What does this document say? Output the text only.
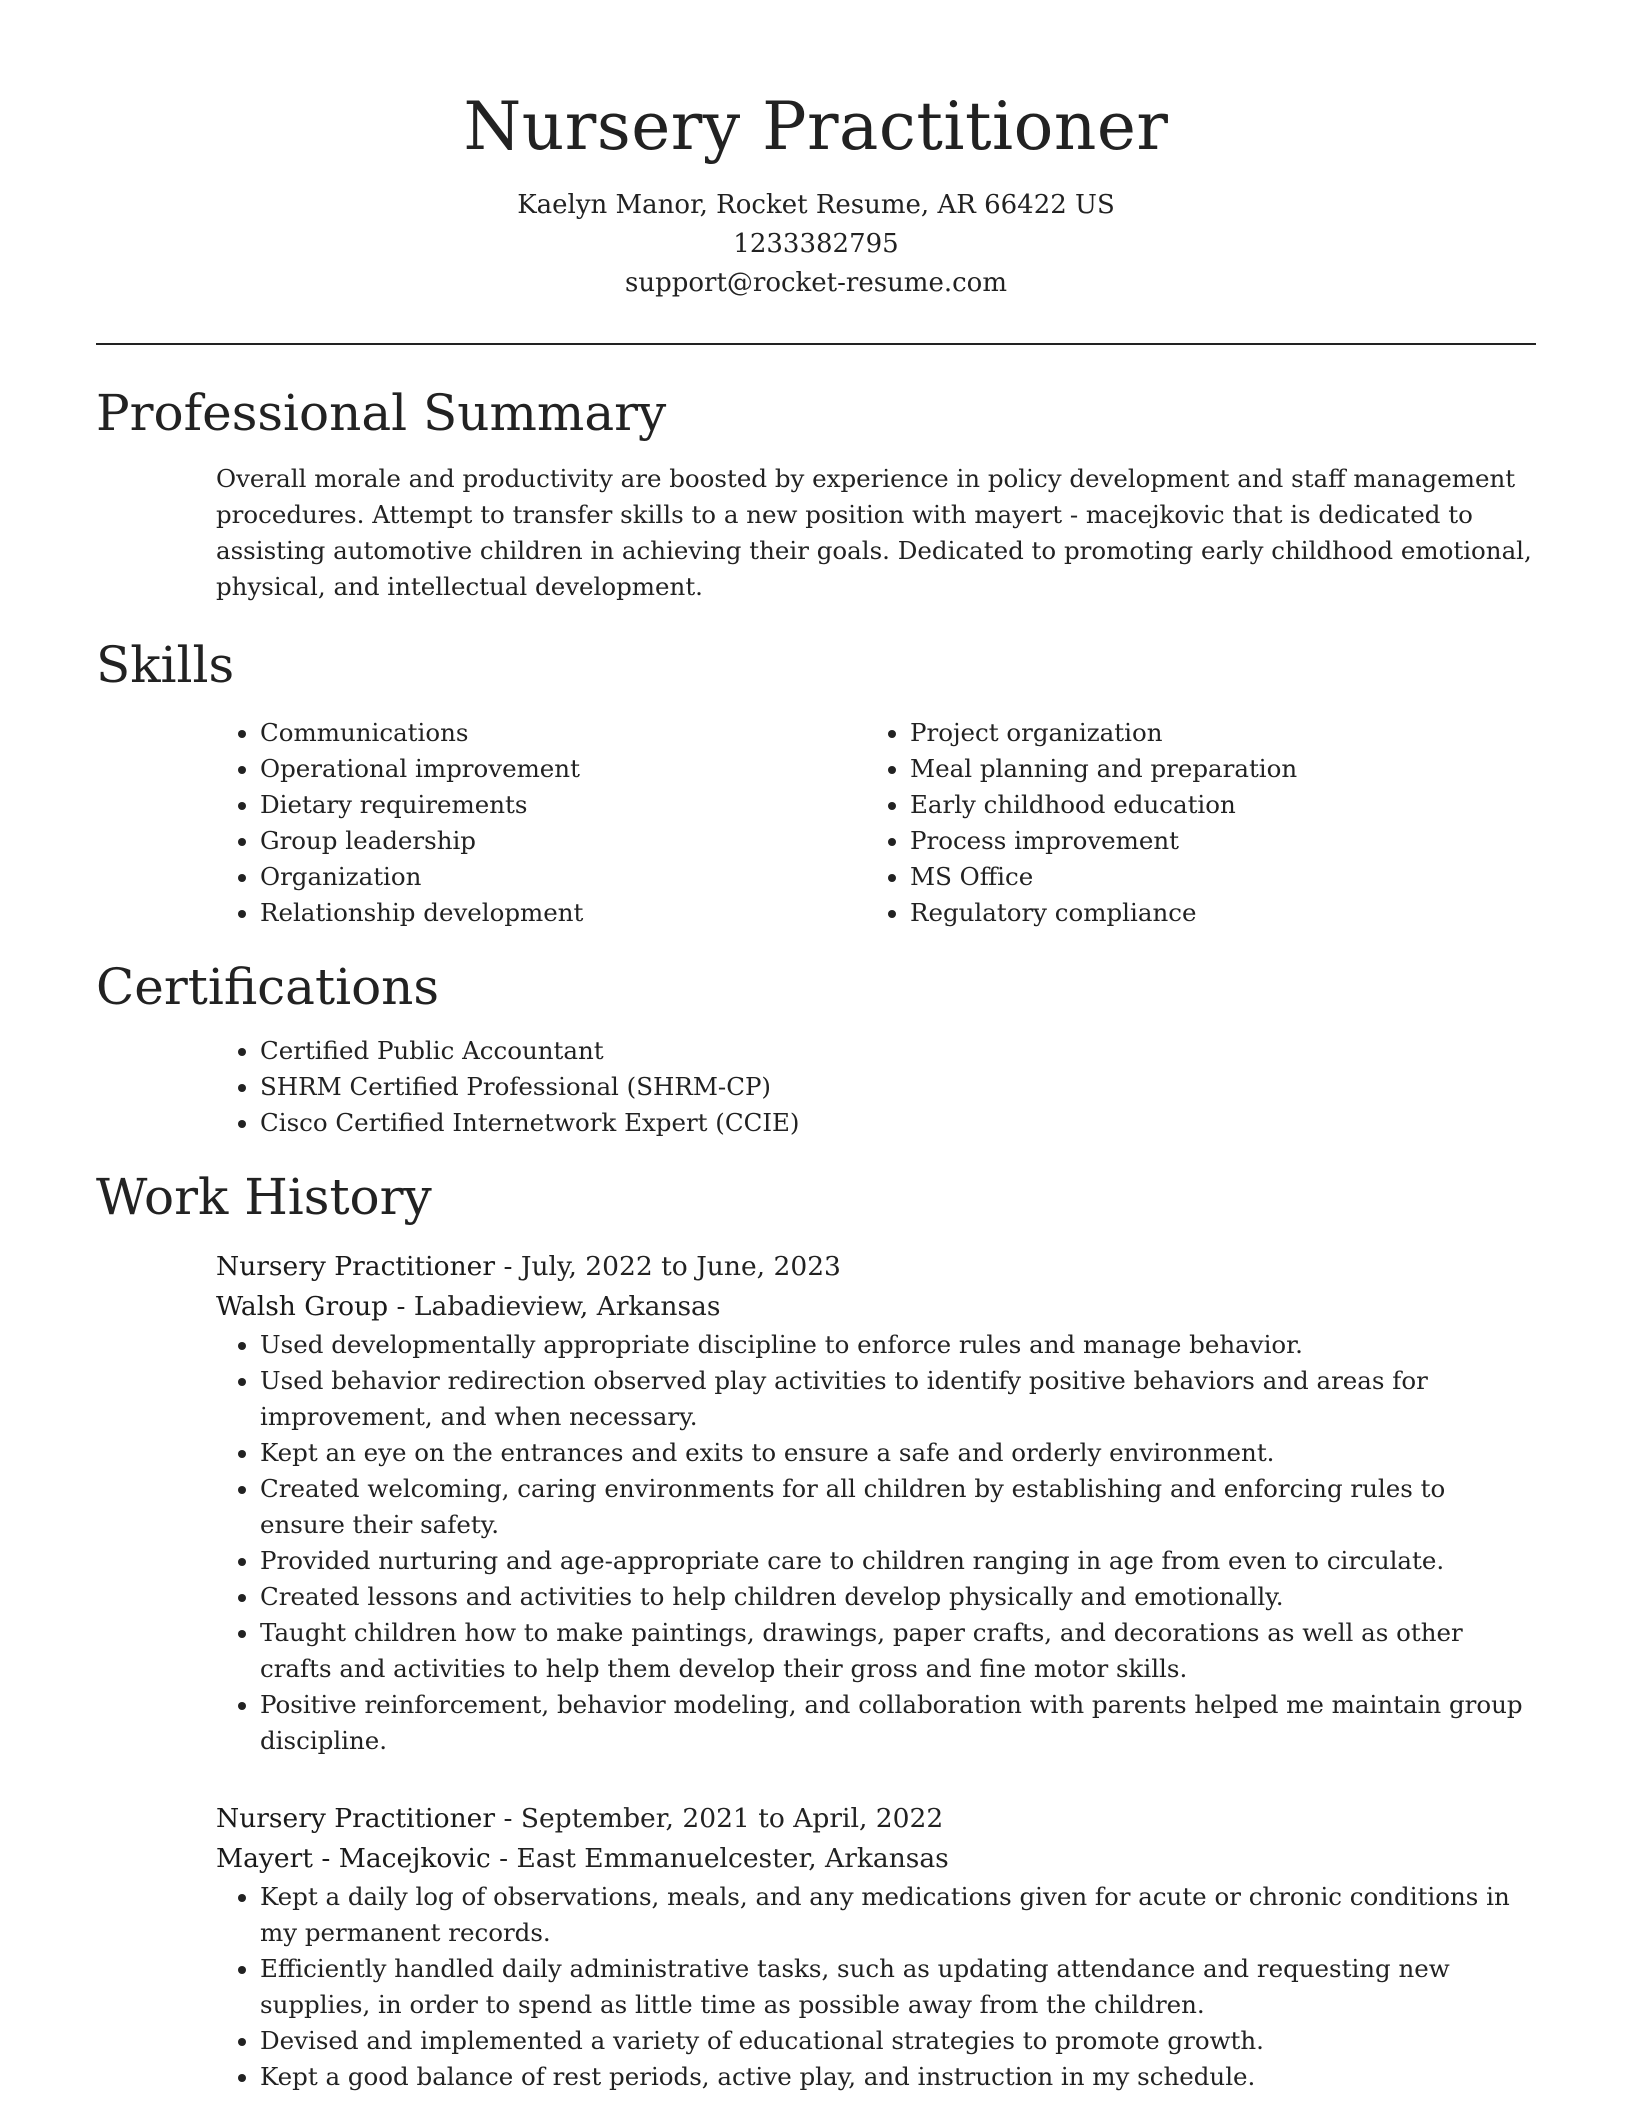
Nursery Practitioner
Kaelyn Manor, Rocket Resume, AR 66422 US
1233382795
support@rocket-resume.com
Professional Summary
Overall morale and productivity are boosted by experience in policy development and staff management procedures. Attempt to transfer skills to a new position with mayert - macejkovic that is dedicated to assisting automotive children in achieving their goals. Dedicated to promoting early childhood emotional, physical, and intellectual development.
Skills
• Communications
• Operational improvement
• Dietary requirements
• Group leadership
• Organization
• Relationship development
• Project organization
• Meal planning and preparation
• Early childhood education
• Process improvement
• MS Office
• Regulatory compliance
Certifications
• Certified Public Accountant
• SHRM Certified Professional (SHRM-CP)
• Cisco Certified Internetwork Expert (CCIE)
Work History
Nursery Practitioner - July, 2022 to June, 2023
Walsh Group - Labadieview, Arkansas
• Used developmentally appropriate discipline to enforce rules and manage behavior.
• Used behavior redirection observed play activities to identify positive behaviors and areas for improvement, and when necessary.
• Kept an eye on the entrances and exits to ensure a safe and orderly environment.
• Created welcoming, caring environments for all children by establishing and enforcing rules to ensure their safety.
• Provided nurturing and age-appropriate care to children ranging in age from even to circulate.
• Created lessons and activities to help children develop physically and emotionally.
• Taught children how to make paintings, drawings, paper crafts, and decorations as well as other crafts and activities to help them develop their gross and fine motor skills.
• Positive reinforcement, behavior modeling, and collaboration with parents helped me maintain group discipline.
Nursery Practitioner - September, 2021 to April, 2022
Mayert - Macejkovic - East Emmanuelcester, Arkansas
• Kept a daily log of observations, meals, and any medications given for acute or chronic conditions in my permanent records.
• Efficiently handled daily administrative tasks, such as updating attendance and requesting new supplies, in order to spend as little time as possible away from the children.
• Devised and implemented a variety of educational strategies to promote growth.
• Kept a good balance of rest periods, active play, and instruction in my schedule.
